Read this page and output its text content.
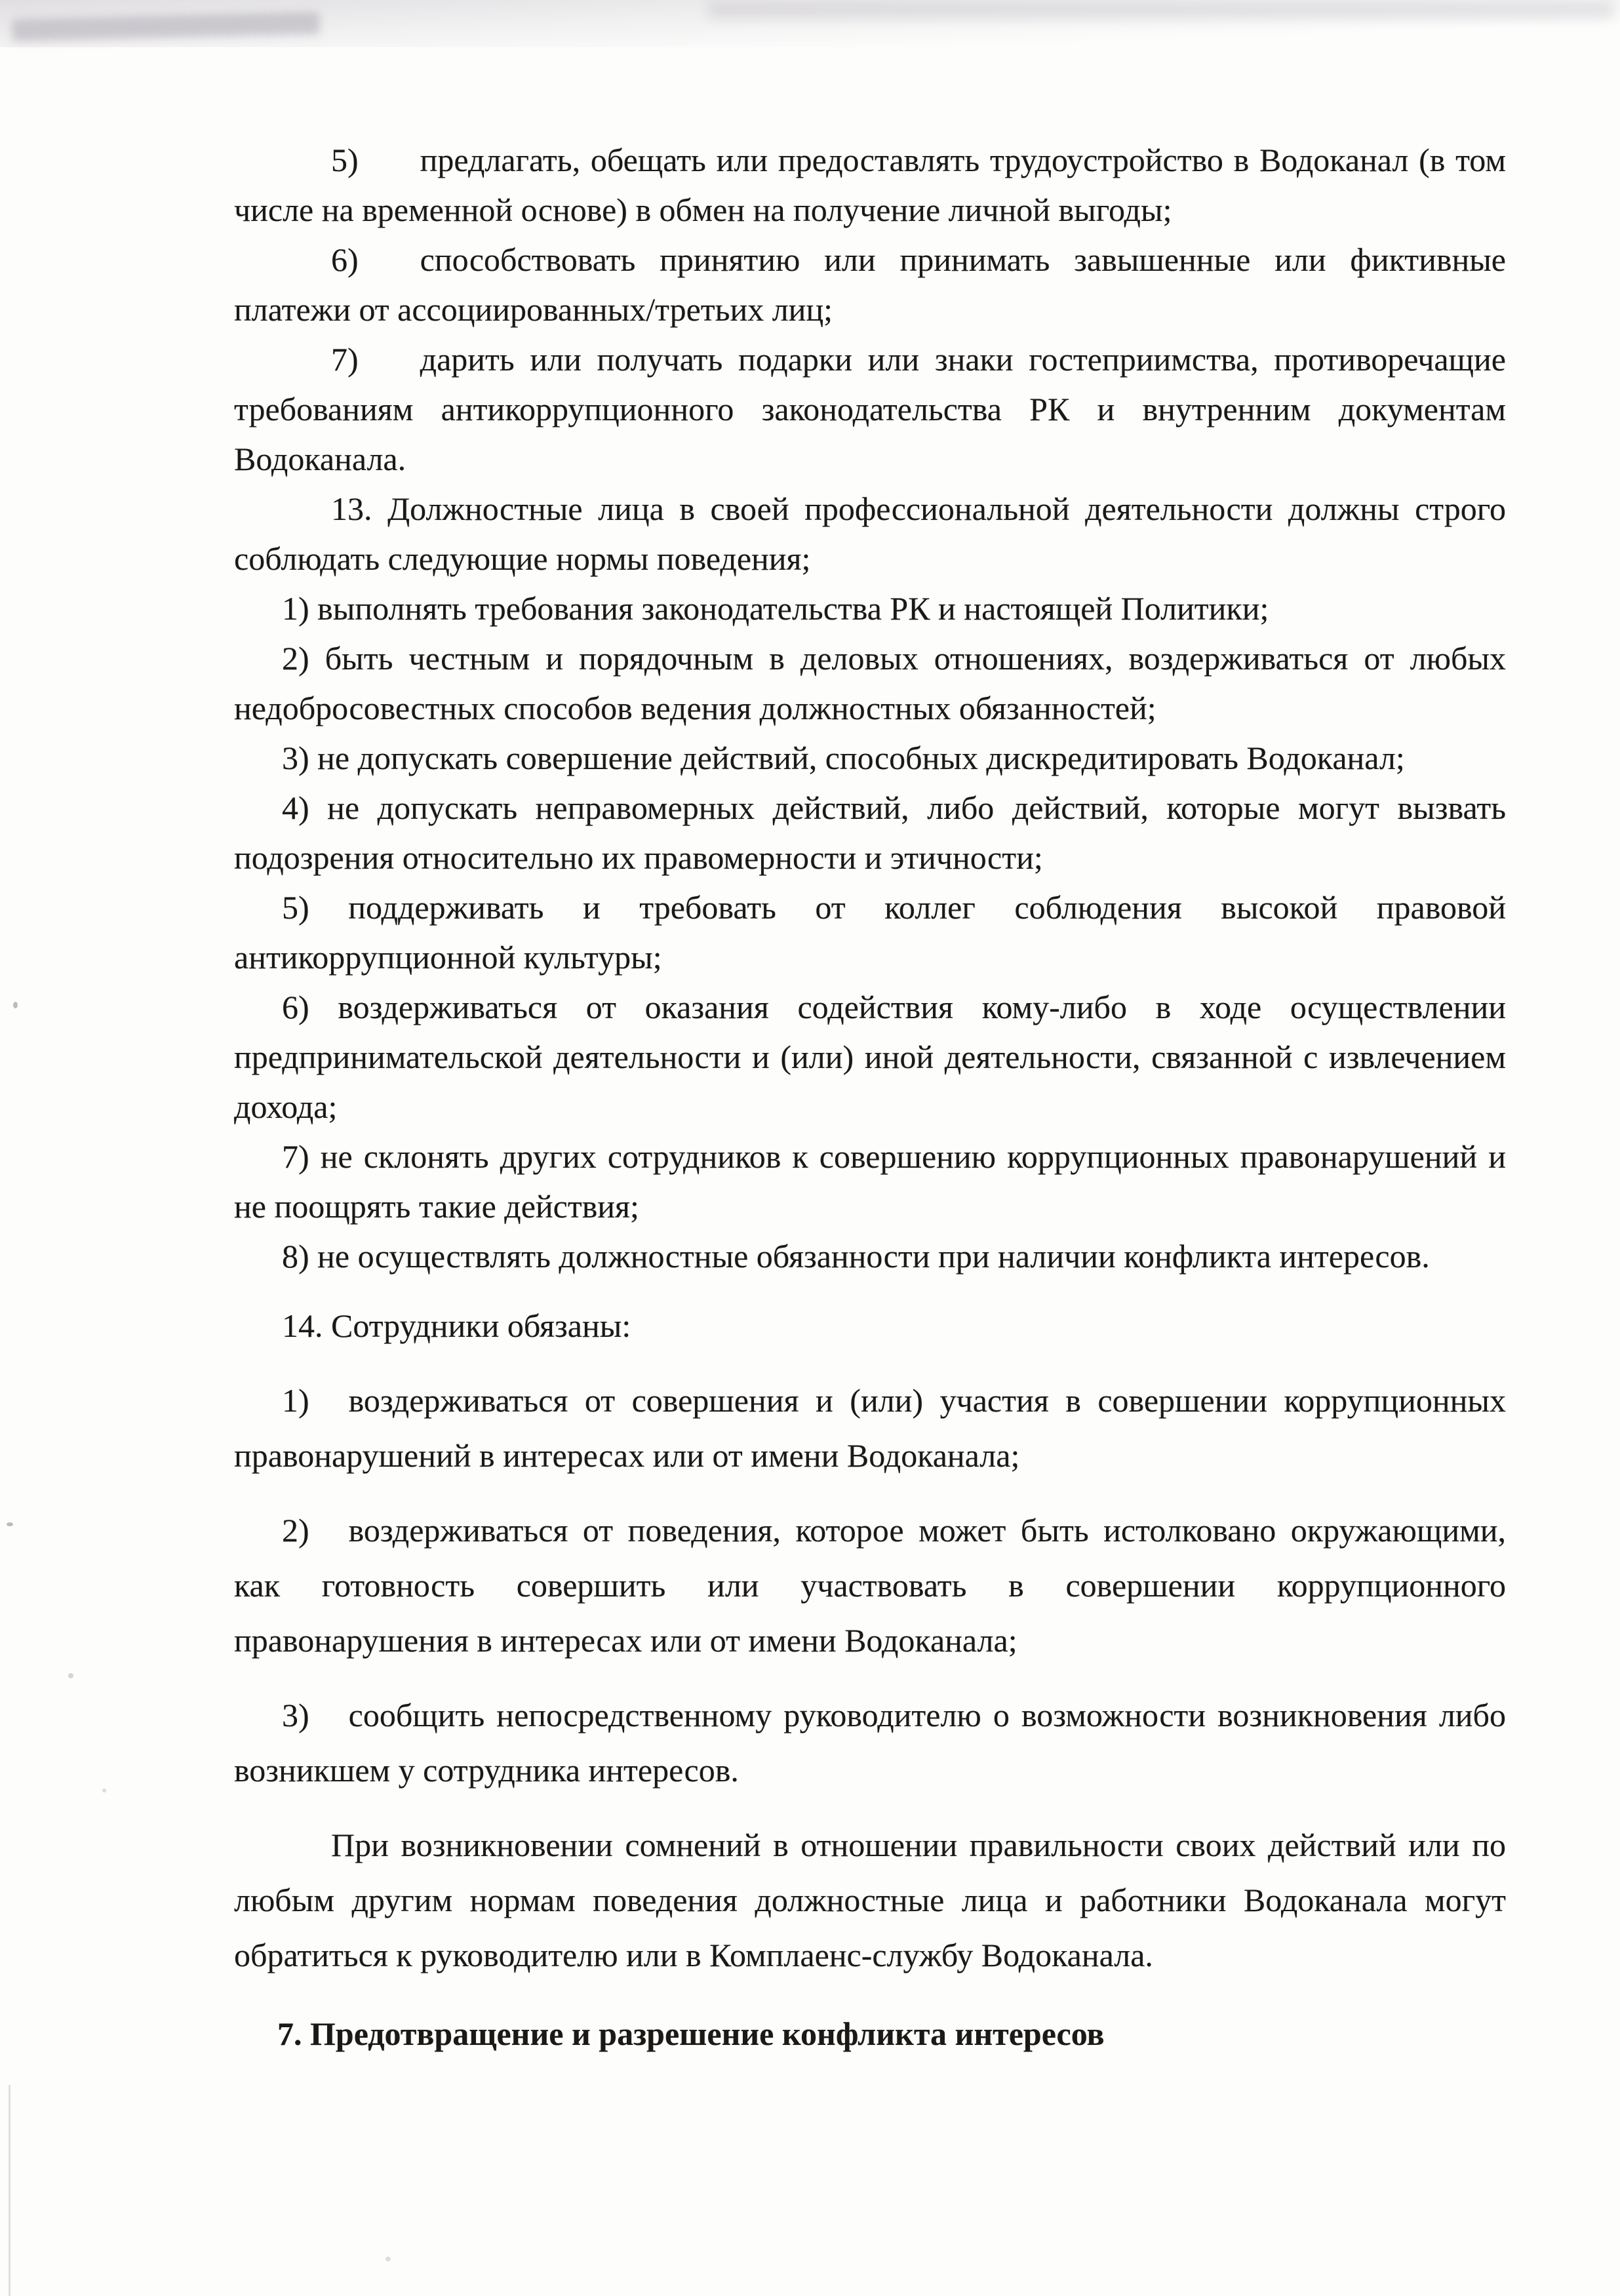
5) предлагать, обещать или предоставлять трудоустройство в Водоканал (в том числе на временной основе) в обмен на получение личной выгоды;

6) способствовать принятию или принимать завышенные или фиктивные платежи от ассоциированных/третьих лиц;

7) дарить или получать подарки или знаки гостеприимства, противоречащие требованиям антикоррупционного законодательства РК и внутренним документам Водоканала.

13. Должностные лица в своей профессиональной деятельности должны строго соблюдать следующие нормы поведения;

1) выполнять требования законодательства РК и настоящей Политики;

2) быть честным и порядочным в деловых отношениях, воздерживаться от любых недобросовестных способов ведения должностных обязанностей;

3) не допускать совершение действий, способных дискредитировать Водоканал;

4) не допускать неправомерных действий, либо действий, которые могут вызвать подозрения относительно их правомерности и этичности;

5) поддерживать и требовать от коллег соблюдения высокой правовой антикоррупционной культуры;

6) воздерживаться от оказания содействия кому-либо в ходе осуществлении предпринимательской деятельности и (или) иной деятельности, связанной с извлечением дохода;

7) не склонять других сотрудников к совершению коррупционных правонарушений и не поощрять такие действия;

8) не осуществлять должностные обязанности при наличии конфликта интересов.

14. Сотрудники обязаны:

1) воздерживаться от совершения и (или) участия в совершении коррупционных правонарушений в интересах или от имени Водоканала;

2) воздерживаться от поведения, которое может быть истолковано окружающими, как готовность совершить или участвовать в совершении коррупционного правонарушения в интересах или от имени Водоканала;

3) сообщить непосредственному руководителю о возможности возникновения либо возникшем у сотрудника интересов.

При возникновении сомнений в отношении правильности своих действий или по любым другим нормам поведения должностные лица и работники Водоканала могут обратиться к руководителю или в Комплаенс-службу Водоканала.

7. Предотвращение и разрешение конфликта интересов
